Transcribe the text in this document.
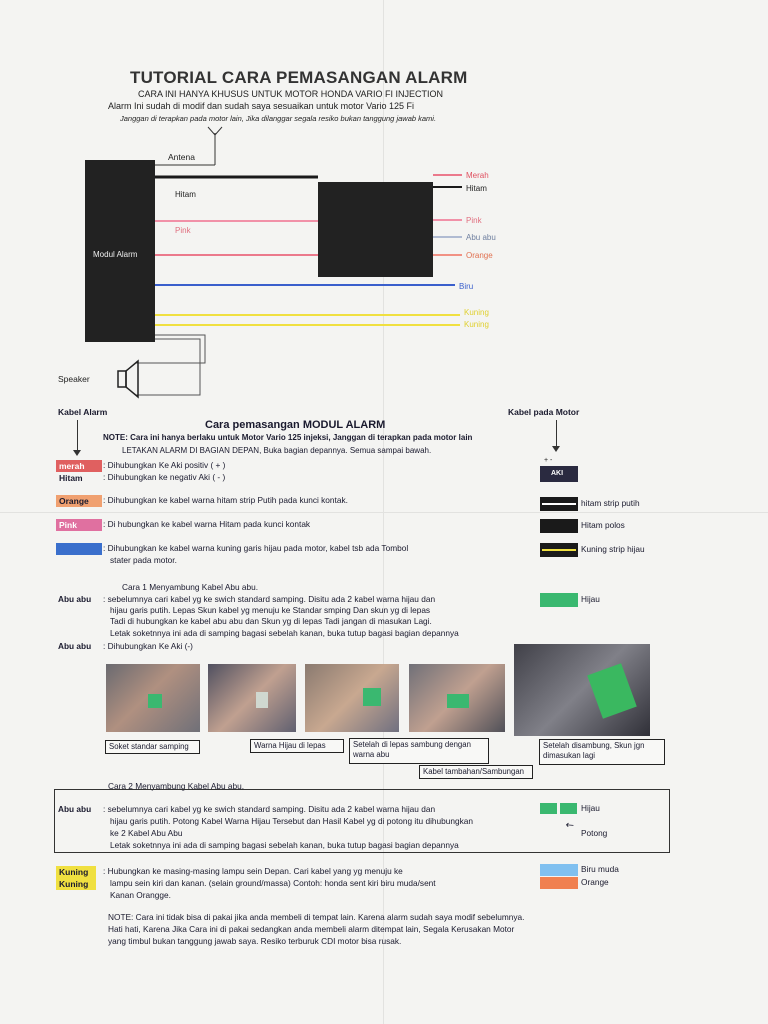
TUTORIAL CARA PEMASANGAN ALARM
CARA INI HANYA KHUSUS UNTUK MOTOR HONDA VARIO FI INJECTION
Alarm Ini sudah di modif dan sudah saya sesuaikan untuk motor Vario 125 Fi
Janggan di terapkan pada motor lain, Jika dilanggar segala resiko bukan tanggung jawab kami.
Antena
Modul Alarm
Speaker
Hitam
Pink
Merah
Hitam
Pink
Abu abu
Orange
Biru
Kuning
Kuning
Kabel Alarm	Kabel pada Motor
Cara pemasangan MODUL ALARM
NOTE: Cara ini hanya berlaku untuk Motor Vario 125 injeksi, Janggan di terapkan pada motor lain
LETAKAN ALARM DI BAGIAN DEPAN, Buka bagian depannya. Semua sampai bawah.
merah	: Dihubungkan Ke Aki positiv ( + )
Hitam	: Dihubungkan ke negativ Aki ( - )
Orange	: Dihubungkan ke kabel warna hitam strip Putih pada kunci kontak.
Pink	: Di hubungkan ke kabel warna Hitam pada kunci kontak
Biru	: Dihubungkan ke kabel warna kuning garis hijau pada motor, kabel tsb ada Tombol
stater pada motor.
AKI
+ -
hitam strip putih
Hitam polos
Kuning strip hijau
Hijau
Cara 1 Menyambung Kabel Abu abu.
Abu abu : sebelumnya cari kabel yg ke swich standard samping. Disitu ada 2 kabel warna hijau dan
hijau garis putih. Lepas Skun kabel yg menuju ke Standar smping Dan skun yg di lepas
Tadi di hubungkan ke kabel abu abu dan Skun yg di lepas Tadi jangan di masukan Lagi.
Letak soketnnya ini ada di samping bagasi sebelah kanan, buka tutup bagasi bagian depannya
Abu abu : Dihubungkan Ke Aki (-)
Soket standar samping	Warna Hijau di lepas	Setelah di lepas sambung dengan warna abu
Kabel tambahan/Sambungan
Setelah disambung, Skun jgn dimasukan lagi
Cara 2 Menyambung Kabel Abu abu.
Abu abu : sebelumnya cari kabel yg ke swich standard samping. Disitu ada 2 kabel warna hijau dan
hijau garis putih. Potong Kabel Warna Hijau Tersebut dan Hasil Kabel yg di potong itu dihubungkan
ke 2 Kabel Abu Abu
Letak soketnnya ini ada di samping bagasi sebelah kanan, buka tutup bagasi bagian depannya
Hijau
↖
Potong
Kuning
Kuning
: Hubungkan ke masing-masing lampu sein Depan. Cari kabel yang yg menuju ke
lampu sein kiri dan kanan. (selain ground/massa) Contoh: honda sent kiri biru muda/sent
Kanan Orangge.
Biru muda
Orange
NOTE: Cara ini tidak bisa di pakai jika anda membeli di tempat lain. Karena alarm sudah saya modif sebelumnya.
Hati hati, Karena Jika Cara ini di pakai sedangkan anda membeli alarm ditempat lain, Segala Kerusakan Motor
yang timbul bukan tanggung jawab saya. Resiko terburuk CDI motor bisa rusak.
